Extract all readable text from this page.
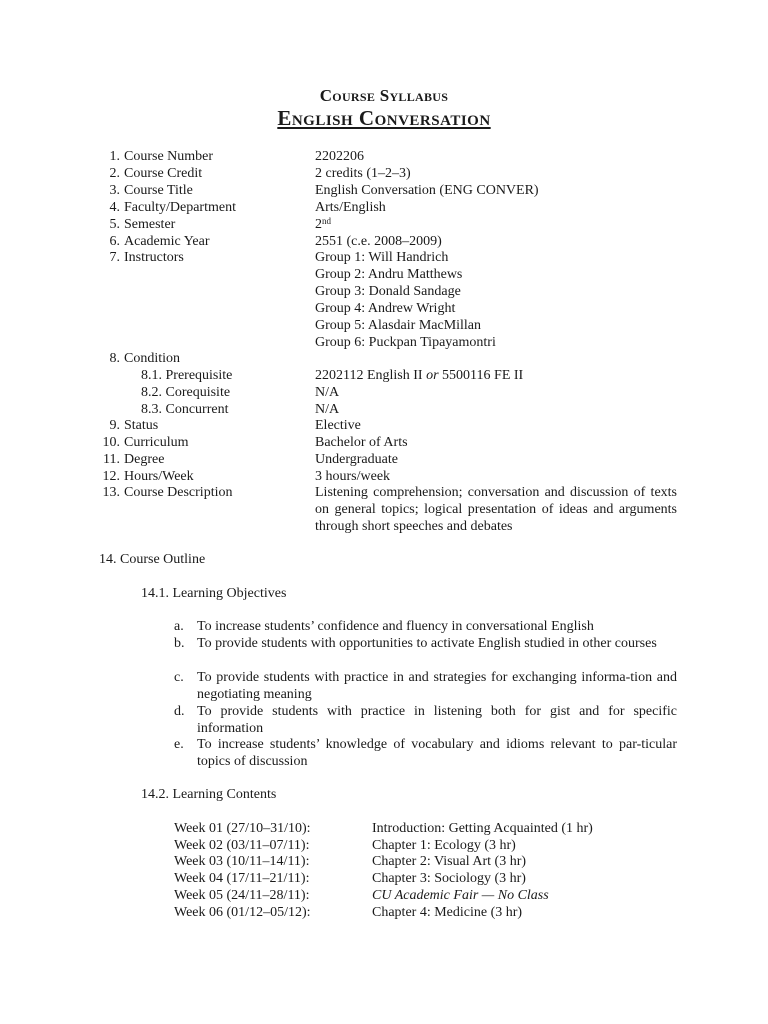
Course Syllabus
English Conversation
1. Course Number	2202206
2. Course Credit	2 credits (1–2–3)
3. Course Title	English Conversation (ENG CONVER)
4. Faculty/Department	Arts/English
5. Semester	2nd
6. Academic Year	2551 (c.e. 2008–2009)
7. Instructors	Group 1: Will Handrich
Group 2: Andru Matthews
Group 3: Donald Sandage
Group 4: Andrew Wright
Group 5: Alasdair MacMillan
Group 6: Puckpan Tipayamontri
8. Condition
8.1. Prerequisite	2202112 English II or 5500116 FE II
8.2. Corequisite	N/A
8.3. Concurrent	N/A
9. Status	Elective
10. Curriculum	Bachelor of Arts
11. Degree	Undergraduate
12. Hours/Week	3 hours/week
13. Course Description	Listening comprehension; conversation and discussion of texts on general topics; logical presentation of ideas and arguments through short speeches and debates
14. Course Outline
14.1. Learning Objectives
a. To increase students’ confidence and fluency in conversational English
b. To provide students with opportunities to activate English studied in other courses
c. To provide students with practice in and strategies for exchanging informa-tion and negotiating meaning
d. To provide students with practice in listening both for gist and for specific information
e. To increase students’ knowledge of vocabulary and idioms relevant to par-ticular topics of discussion
14.2. Learning Contents
Week 01 (27/10–31/10):	Introduction: Getting Acquainted (1 hr)
Week 02 (03/11–07/11):	Chapter 1: Ecology (3 hr)
Week 03 (10/11–14/11):	Chapter 2: Visual Art (3 hr)
Week 04 (17/11–21/11):	Chapter 3: Sociology (3 hr)
Week 05 (24/11–28/11):	CU Academic Fair — No Class
Week 06 (01/12–05/12):	Chapter 4: Medicine (3 hr)
